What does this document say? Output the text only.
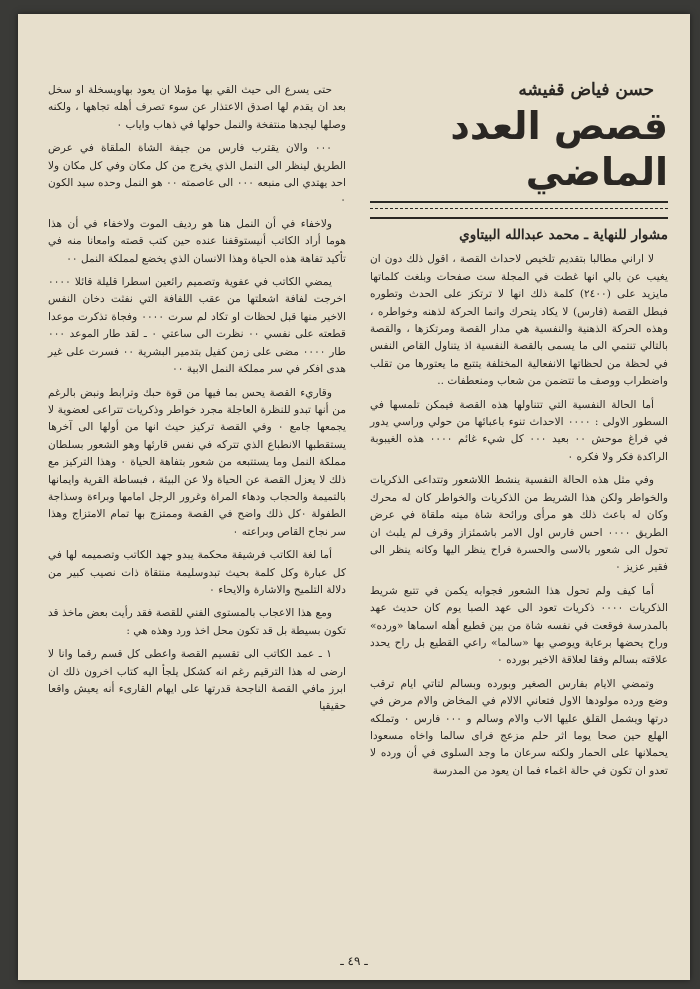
حسن فياض قفيشه
قصص العدد الماضي
مشوار للنهاية ـ محمد عبدالله البيتاوي

لا اراني مطالبا بتقديم تلخيص لاحداث القصة ، اقول ذلك دون ان يغيب عن بالي انها غطت في المجلة ست صفحات وبلغت كلماتها مايزيد على (٢٤٠٠) كلمة ذلك انها لا ترتكز على الحدث وتطوره فبطل القصة (فارس) لا يكاد يتحرك وانما الحركة لذهنه وخواطره ، وهذه الحركة الذهنية والنفسية هي مدار القصة ومرتكزها ، والقصة بالتالي تنتمي الى ما يسمى بالقصة النفسية اذ يتناول القاص النفس في لحظة من لحظاتها الانفعالية المختلفة يتتبع ما يعتورها من تقلب واضطراب ووصف ما تتضمن من شعاب ومنعطفات ..

أما الحالة النفسية التي تتناولها هذه القصة فيمكن تلمسها في السطور الاولى : ٠٠٠٠ الاحداث تنوء باعبائها من حولي وراسي يدور في فراغ موحش ٠٠ بعيد ٠٠٠ كل شيء غائم ٠٠٠٠ هذه الغيبوبة الراكدة فكر ولا فكره ٠

وفي مثل هذه الحالة النفسية ينشط اللاشعور وتتداعى الذكريات والخواطر ولكن هذا الشريط من الذكريات والخواطر كان له محرك وكان له باعث ذلك هو مرأى ورائحة شاة ميته ملقاة في عرض الطريق ٠٠٠٠ احس فارس اول الامر باشمئزاز وقرف لم يلبث ان تحول الى شعور بالاسى والحسرة فراح ينظر اليها وكانه ينظر الى فقير عزيز ٠

أما كيف ولم تحول هذا الشعور فجوابه يكمن في تتبع شريط الذكريات ٠٠٠٠ ذكريات تعود الى عهد الصبا يوم كان حديث عهد بالمدرسة فوقعت في نفسه شاة من بين قطيع أهله اسماها «ورده» وراح يحضها برعاية ويوصي بها «سالما» راعي القطيع بل راح يحدد علاقته بسالم وفقا لعلاقة الاخير بورده ٠

وتمضي الايام بفارس الصغير وبورده وبسالم لتاتي ايام ترقب وضع ورده مولودها الاول فتعاني الالام في المخاض والام مرض في درتها ويشمل القلق عليها الاب والام وسالم و ٠٠٠ فارس ٠ وتملكه الهلع حين صحا يوما اثر حلم مزعج فراى سالما واخاه مسعودا يحملانها على الحمار ولكنه سرعان ما وجد السلوى في أن ورده لا تعدو ان تكون في حالة اغماء فما ان يعود من المدرسة

حتى يسرع الى حيث القي بها مؤملا ان يعود بهاويسخلة او سخل بعد ان يقدم لها اصدق الاعتذار عن سوء تصرف أهله تجاهها ، ولكنه وصلها ليجدها منتفخة والنمل حولها في ذهاب واياب ٠

٠٠٠ والان يقترب فارس من جيفة الشاة الملقاة في عرض الطريق لينظر الى النمل الذي يخرج من كل مكان وفي كل مكان ولا احد يهتدي الى منبعه ٠٠٠ الى عاصمته ٠٠ هو النمل وحده سيد الكون ٠

ولاخفاء في أن النمل هنا هو رديف الموت ولاخفاء في أن هذا هوما أراد الكاتب أنيستوقفنا عنده حين كتب قصته وامعانا منه في تأكيد تفاهة هذه الحياة وهذا الانسان الذي يخضع لمملكة النمل ٠٠

يمضي الكاتب في عفوية وتصميم رائعين اسطرا قليلة قائلا ٠٠٠٠ اخرجت لفافة اشعلتها من عقب اللفافة التي نفثت دخان النفس الاخير منها قبل لحظات او تكاد لم سرت ٠٠٠٠ وفجاة تذكرت موعدا قطعته على نفسي ٠٠ نظرت الى ساعتي ٠ ـ لقد طار الموعد ٠٠٠ طار ٠٠٠٠ مضى على زمن كفيل بتدمير البشرية ٠٠ فسرت على غير هدى افكر في سر مملكة النمل الابية ٠٠

وقاريء القصة يحس بما فيها من قوة حبك وترابط ونبض بالرغم من أنها تبدو للنظرة العاجلة مجرد خواطر وذكريات تتراعى لعضوية لا يجمعها جامع ٠ وفي القصة تركيز حيث انها من أولها الى آخرها يستقطبها الانطباع الذي تتركه في نفس قارئها وهو الشعور بسلطان مملكة النمل وما يستتبعه من شعور بتفاهة الحياة ٠ وهذا التركيز مع ذلك لا يعزل القصة عن الحياة ولا عن البيئة ، فبساطة القرية وايمانها بالتميمة والحجاب ودهاء المراة وغرور الرجل امامها وبراءة وسذاجة الطفولة ٠كل ذلك واضح في القصة وممتزج بها تمام الامتزاج وهذا سر نجاح القاص وبراعته ٠

أما لغة الكاتب فرشيقة محكمة يبدو جهد الكاتب وتصميمه لها في كل عبارة وكل كلمة بحيث تبدوسليمة منتقاة ذات نصيب كبير من دلالة التلميح والاشارة والايحاء ٠

ومع هذا الاعجاب بالمستوى الفني للقصة فقد رأيت بعض ماخذ قد تكون بسيطة بل قد تكون محل اخذ ورد وهذه هي :

١ ـ عمد الكاتب الى تقسيم القصة واعطى كل قسم رقما وانا لا ارضى له هذا الترقيم رغم انه كشكل يلجأ اليه كتاب اخرون ذلك ان ابرز مافي القصة الناجحة قدرتها على ايهام القارىء أنه يعيش واقعا حقيقيا

ـ ٤٩ ـ
